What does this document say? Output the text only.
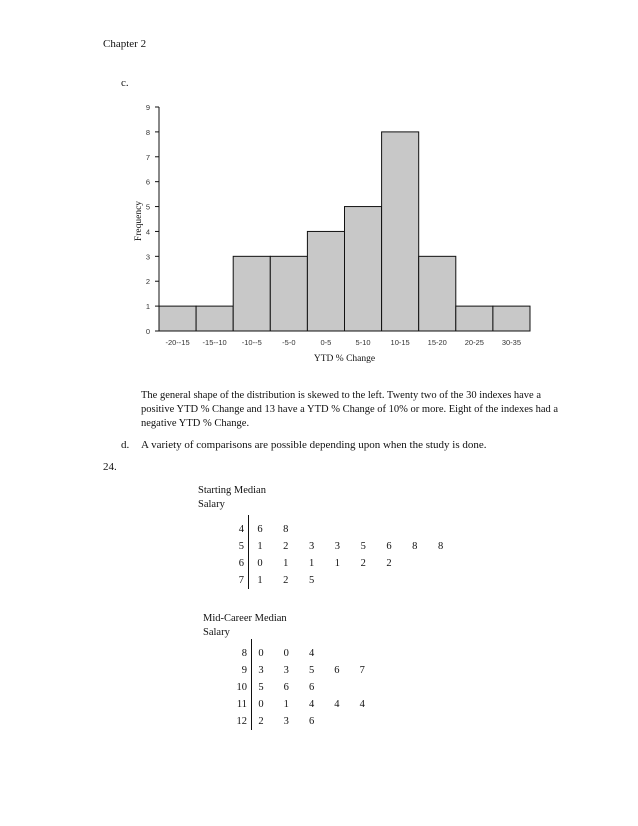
Chapter 2
c.
0
1
2
3
4
5
6
7
8
9
-20--15 -15--10 -10--5	-5-0	0-5	5-10	10-15 15-20 20-25 30-35
YTD % Change
Frequency
The general shape of the distribution is skewed to the left. Twenty two of the 30 indexes have a positive YTD % Change and 13 have a YTD % Change of 10% or more. Eight of the indexes had a negative YTD % Change.
d. A variety of comparisons are possible depending upon when the study is done.
24.
Starting Median
Salary
4	6	8
5	1	2	3	3	5	6	8	8
6	0	1	1	1	2	2
7	1	2	5
Mid-Career Median
Salary
8	0	0	4
9	3	3	5	6	7
10	5	6	6
11	0	1	4	4	4
12	2	3	6
